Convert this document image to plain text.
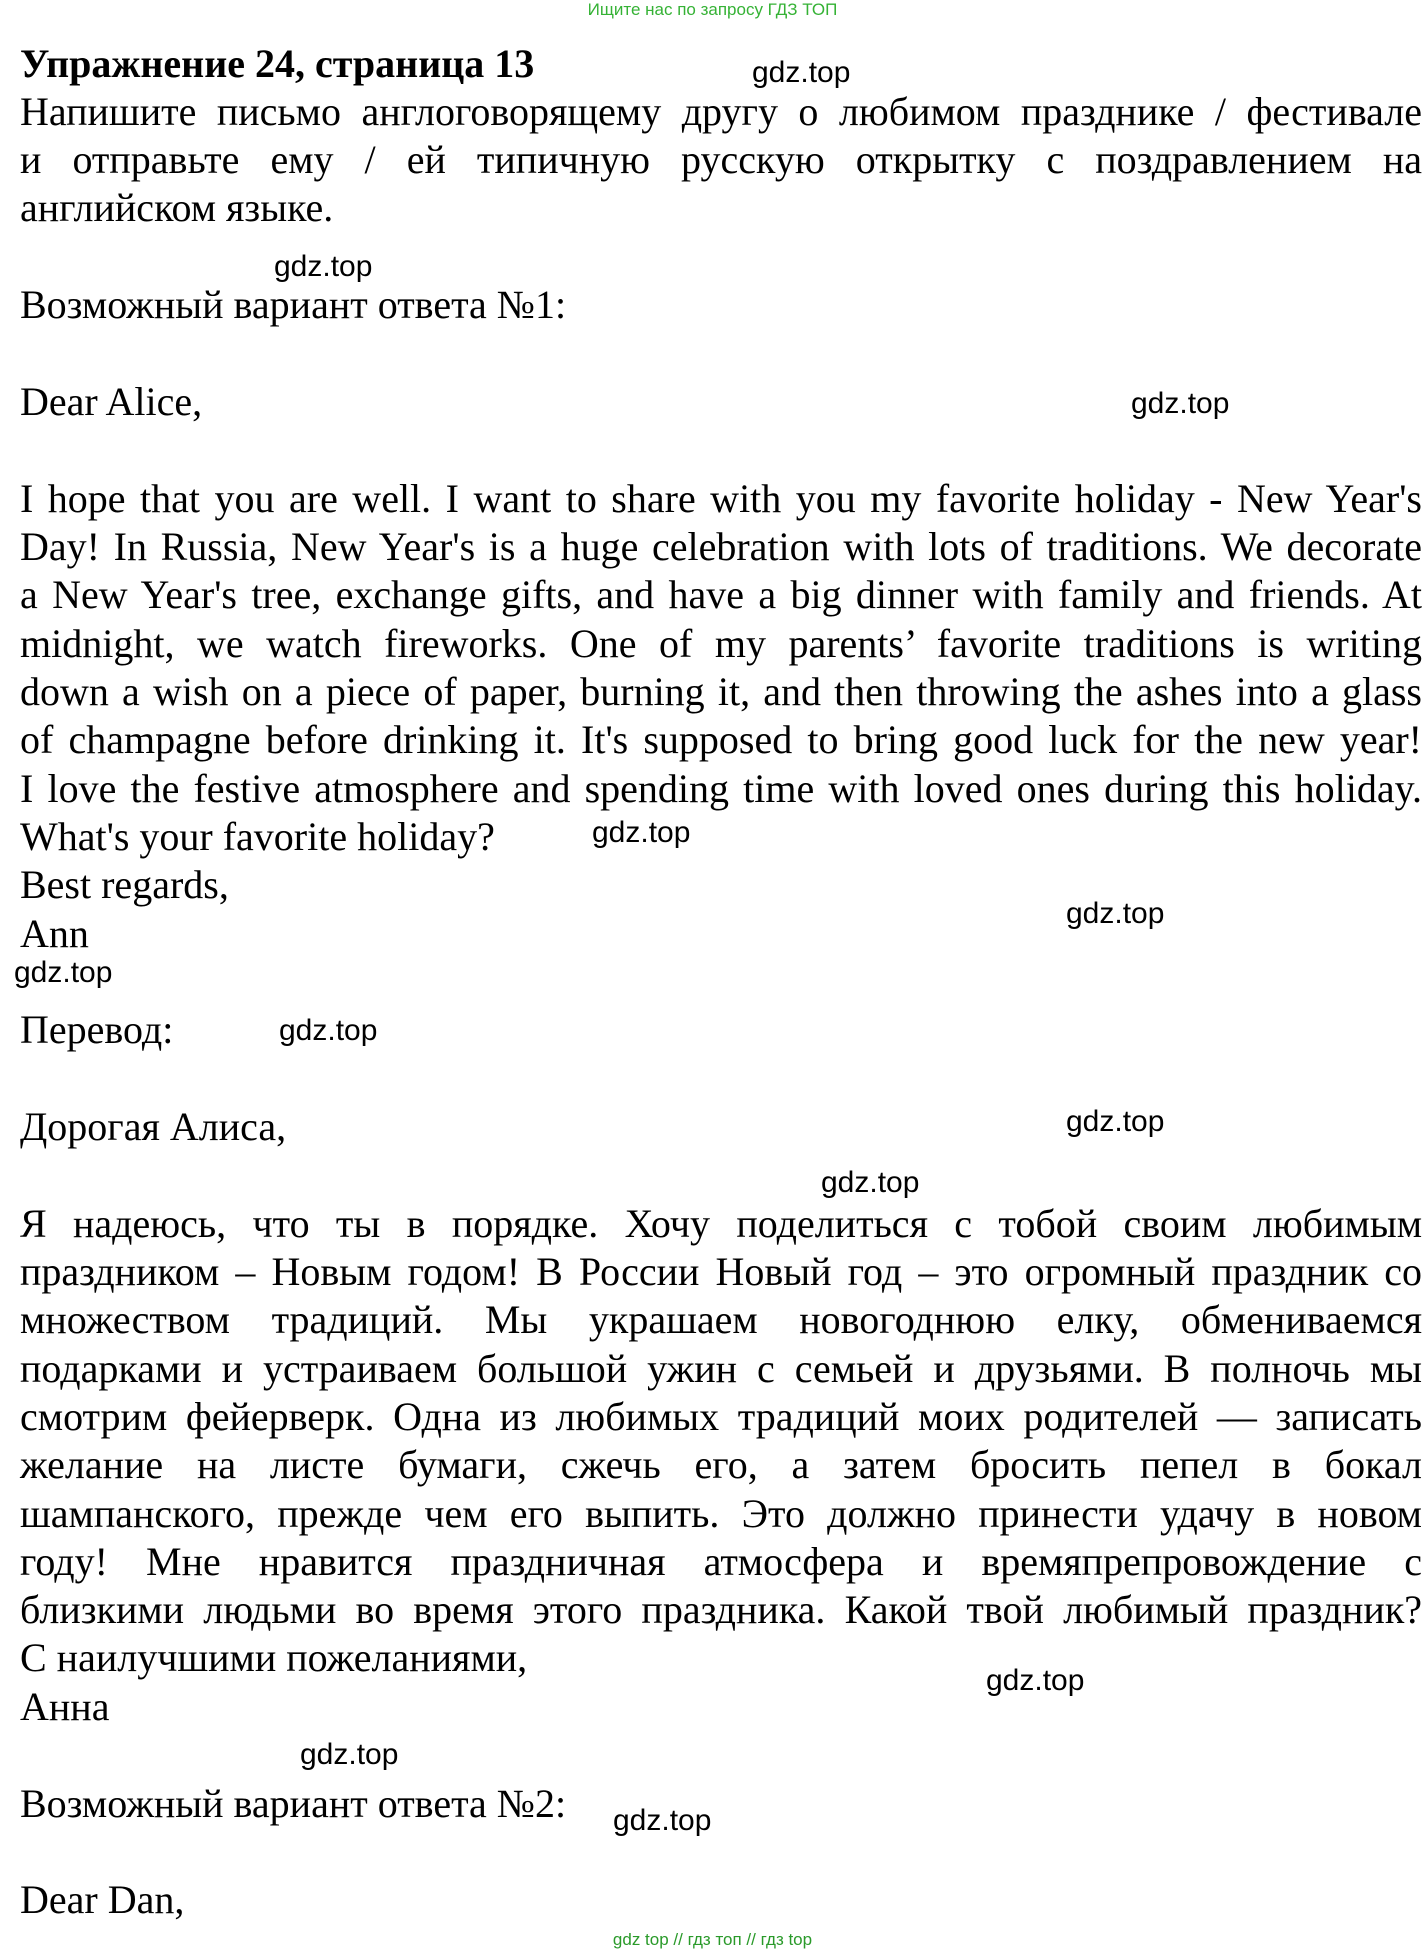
Ищите нас по запросу ГДЗ ТОП

Упражнение 24, страница 13

Напишите письмо англоговорящему другу о любимом празднике / фестивале

и отправьте ему / ей типичную русскую открытку с поздравлением на

английском языке.

Возможный вариант ответа №1:

Dear Alice,

I hope that you are well. I want to share with you my favorite holiday - New Year's

Day! In Russia, New Year's is a huge celebration with lots of traditions. We decorate

a New Year's tree, exchange gifts, and have a big dinner with family and friends. At

midnight, we watch fireworks. One of my parents’ favorite traditions is writing

down a wish on a piece of paper, burning it, and then throwing the ashes into a glass

of champagne before drinking it. It's supposed to bring good luck for the new year!

I love the festive atmosphere and spending time with loved ones during this holiday.

What's your favorite holiday?

Best regards,

Ann

Перевод:

Дорогая Алиса,

Я надеюсь, что ты в порядке. Хочу поделиться с тобой своим любимым

праздником – Новым годом! В России Новый год – это огромный праздник со

множеством традиций. Мы украшаем новогоднюю елку, обмениваемся

подарками и устраиваем большой ужин с семьей и друзьями. В полночь мы

смотрим фейерверк. Одна из любимых традиций моих родителей — записать

желание на листе бумаги, сжечь его, а затем бросить пепел в бокал

шампанского, прежде чем его выпить. Это должно принести удачу в новом

году! Мне нравится праздничная атмосфера и времяпрепровождение с

близкими людьми во время этого праздника. Какой твой любимый праздник?

С наилучшими пожеланиями,

Анна

Возможный вариант ответа №2:

Dear Dan,

gdz.top
gdz.top
gdz.top
gdz.top
gdz.top
gdz.top
gdz.top
gdz.top
gdz.top
gdz.top
gdz.top
gdz.top
gdz top // гдз топ // гдз top
